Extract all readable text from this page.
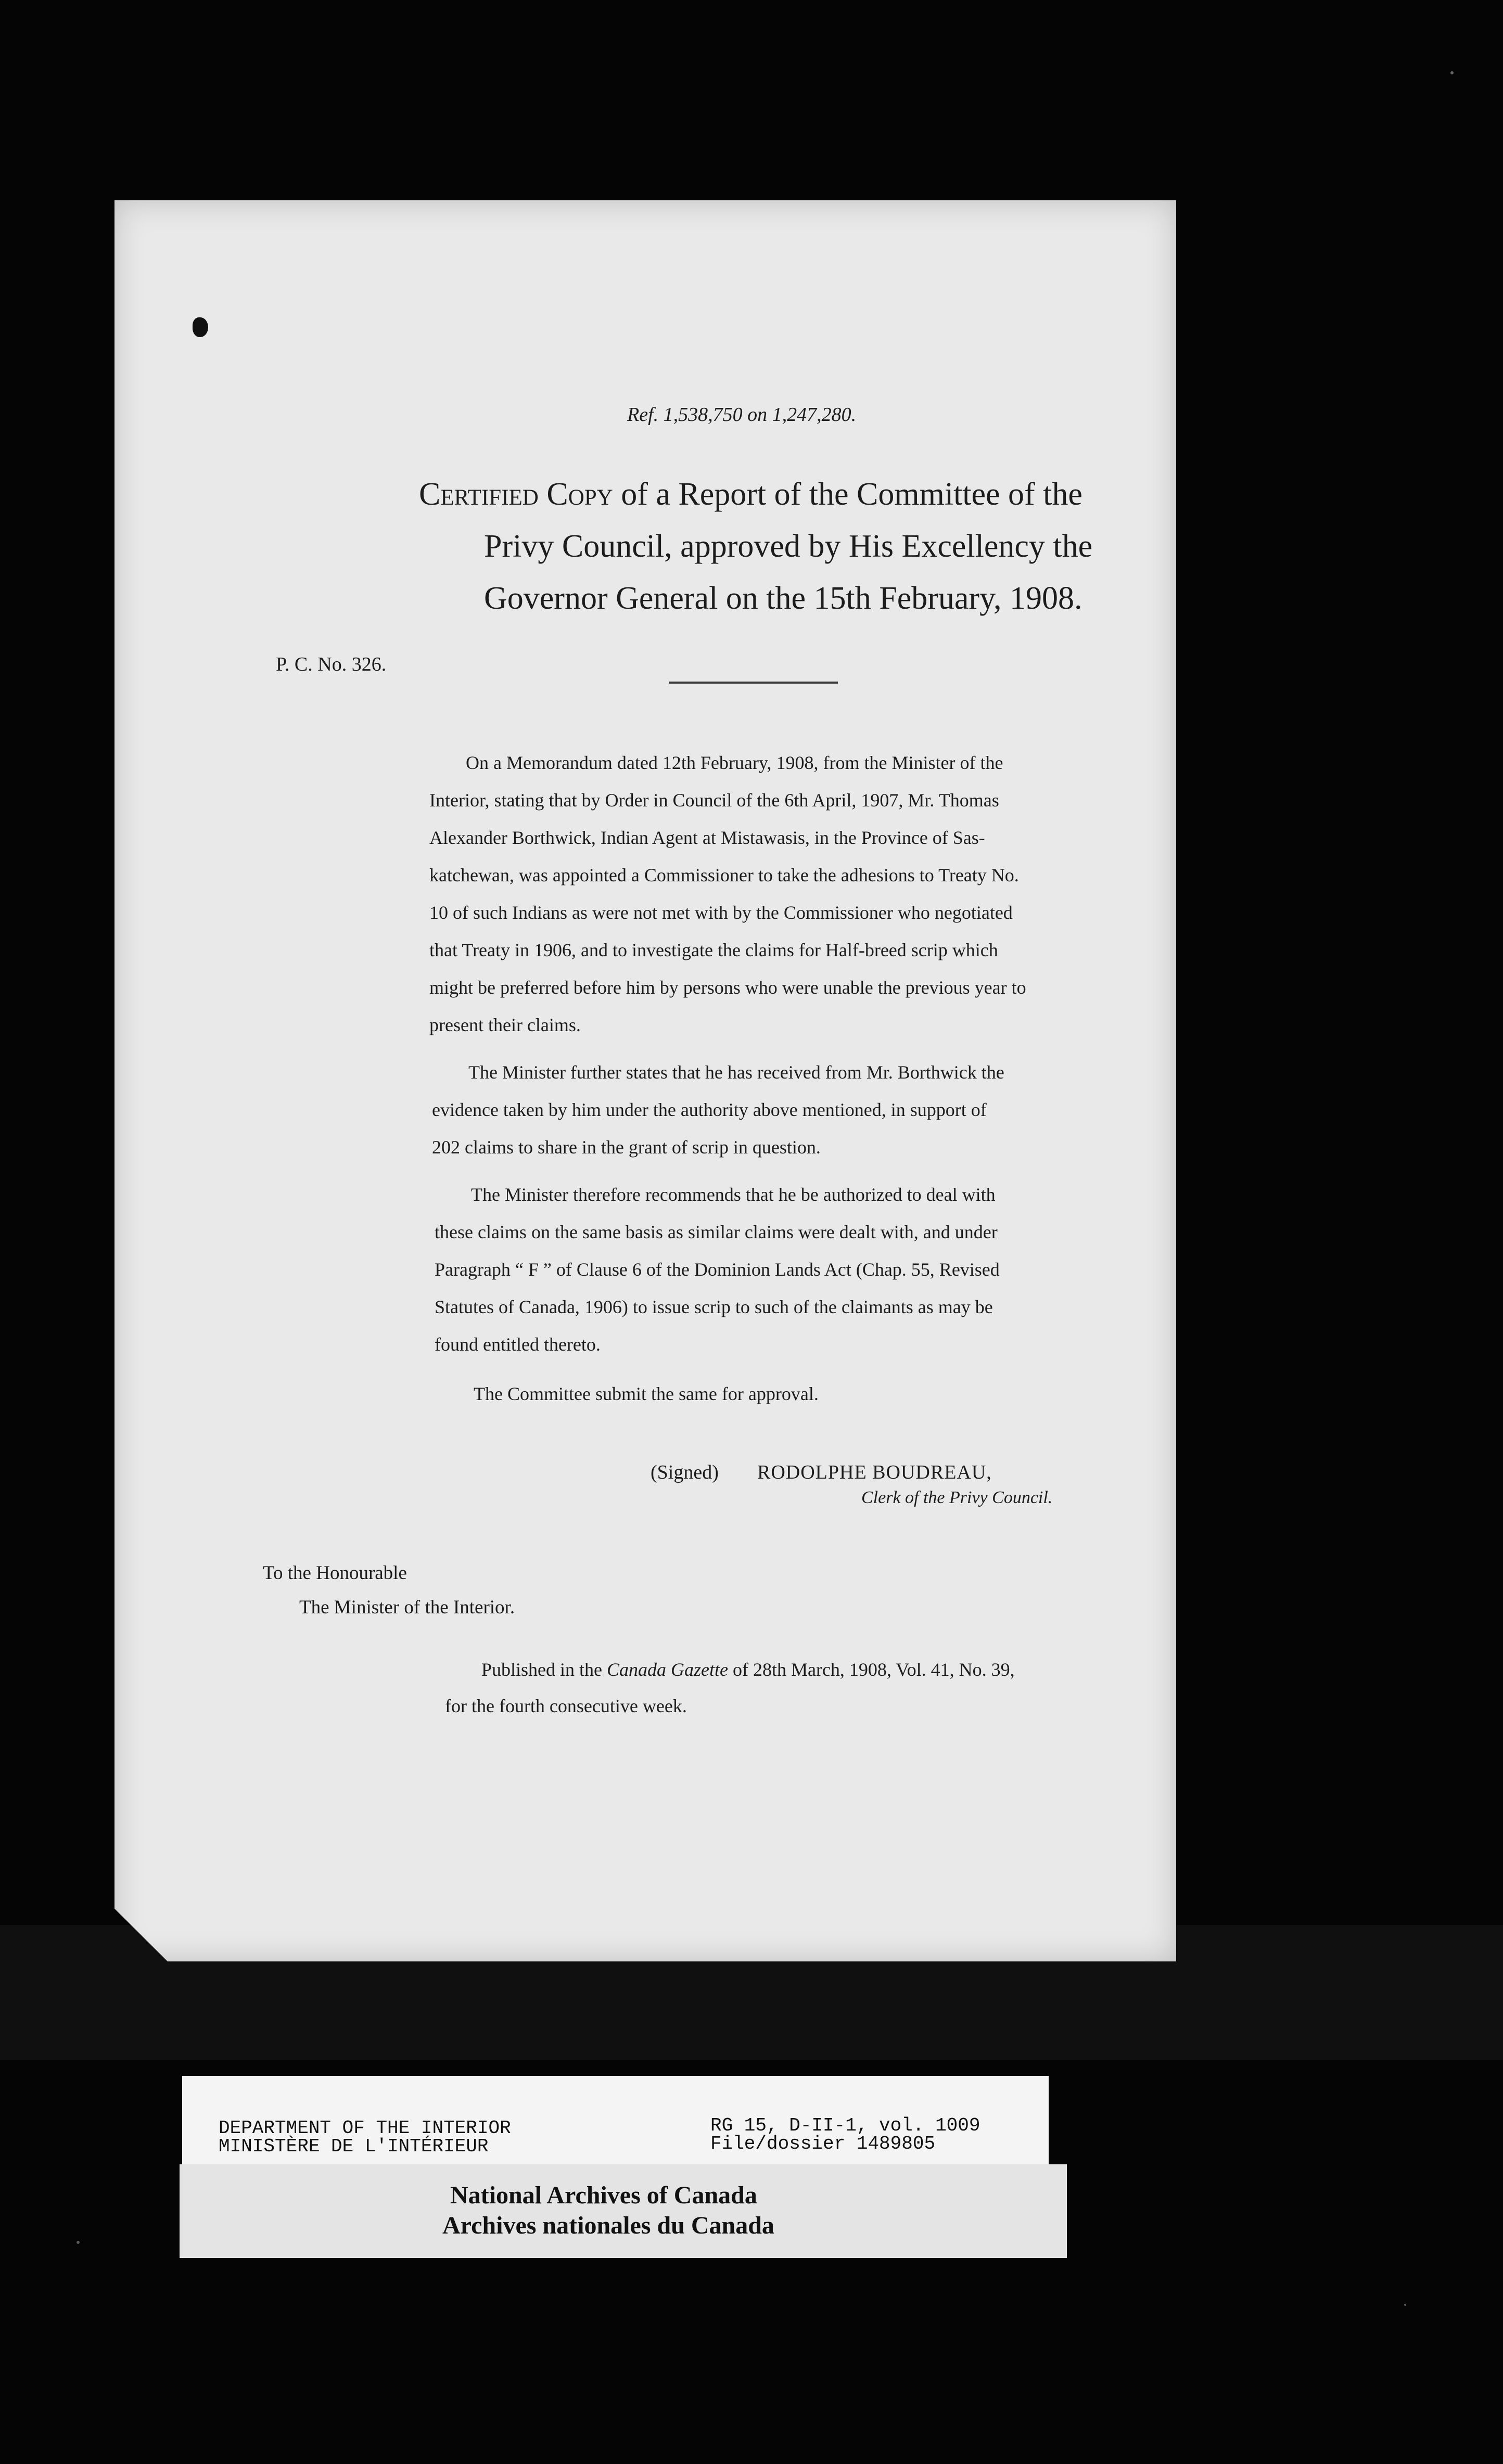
Ref. 1,538,750 on 1,247,280.

Certified Copy of a Report of the Committee of the

Privy Council, approved by His Excellency the

Governor General on the 15th February, 1908.

P. C. No. 326.

On a Memorandum dated 12th February, 1908, from the Minister of the

Interior, stating that by Order in Council of the 6th April, 1907, Mr. Thomas

Alexander Borthwick, Indian Agent at Mistawasis, in the Province of Sas-

katchewan, was appointed a Commissioner to take the adhesions to Treaty No.

10 of such Indians as were not met with by the Commissioner who negotiated

that Treaty in 1906, and to investigate the claims for Half-breed scrip which

might be preferred before him by persons who were unable the previous year to

present their claims.

The Minister further states that he has received from Mr. Borthwick the

evidence taken by him under the authority above mentioned, in support of

202 claims to share in the grant of scrip in question.

The Minister therefore recommends that he be authorized to deal with

these claims on the same basis as similar claims were dealt with, and under

Paragraph “ F ” of Clause 6 of the Dominion Lands Act (Chap. 55, Revised

Statutes of Canada, 1906) to issue scrip to such of the claimants as may be

found entitled thereto.

The Committee submit the same for approval.

(Signed) RODOLPHE BOUDREAU,

Clerk of the Privy Council.

To the Honourable

The Minister of the Interior.

Published in the Canada Gazette of 28th March, 1908, Vol. 41, No. 39,

for the fourth consecutive week.

DEPARTMENT OF THE INTERIOR

MINISTÈRE DE L'INTÉRIEUR

RG 15, D-II-1, vol. 1009

File/dossier 1489805

National Archives of Canada

Archives nationales du Canada
